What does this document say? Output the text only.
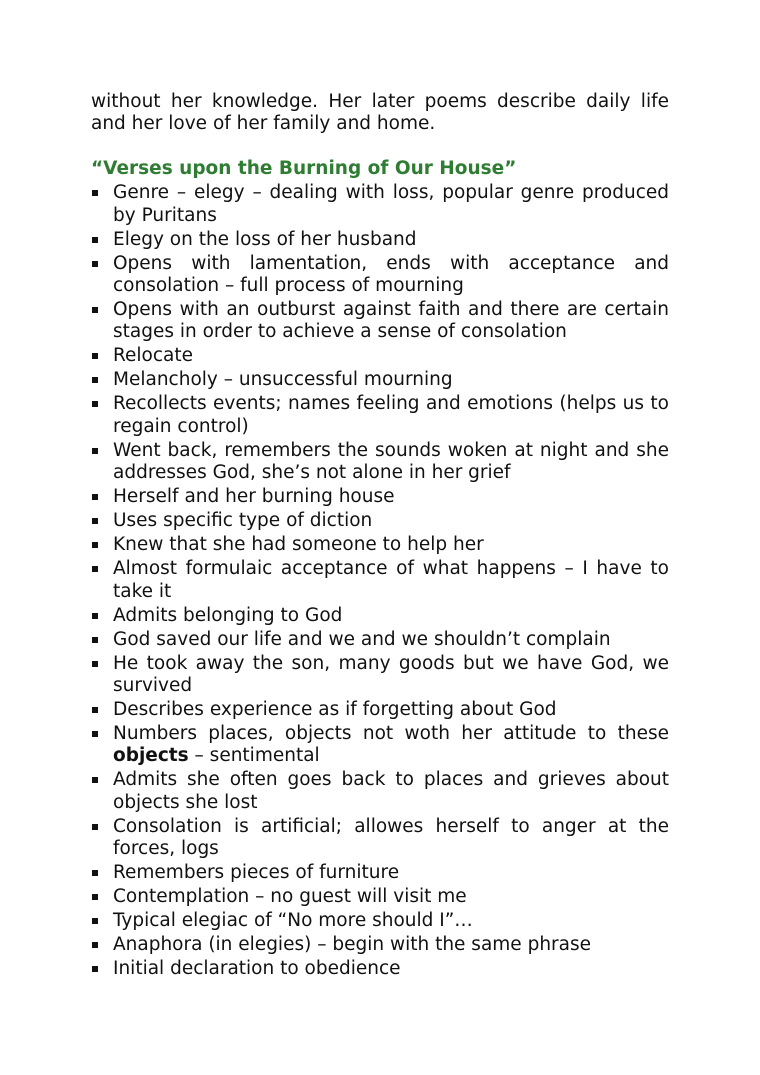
without her knowledge. Her later poems describe daily life and her love of her family and home.

“Verses upon the Burning of Our House”
Genre – elegy – dealing with loss, popular genre produced by Puritans
Elegy on the loss of her husband
Opens with lamentation, ends with acceptance and consolation – full process of mourning
Opens with an outburst against faith and there are certain stages in order to achieve a sense of consolation
Relocate
Melancholy – unsuccessful mourning
Recollects events; names feeling and emotions (helps us to regain control)
Went back, remembers the sounds woken at night and she addresses God, she’s not alone in her grief
Herself and her burning house
Uses specific type of diction
Knew that she had someone to help her
Almost formulaic acceptance of what happens – I have to take it
Admits belonging to God
God saved our life and we and we shouldn’t complain
He took away the son, many goods but we have God, we survived
Describes experience as if forgetting about God
Numbers places, objects not woth her attitude to these objects – sentimental
Admits she often goes back to places and grieves about objects she lost
Consolation is artificial; allowes herself to anger at the forces, logs
Remembers pieces of furniture
Contemplation – no guest will visit me
Typical elegiac of “No more should I”…
Anaphora (in elegies) – begin with the same phrase
Initial declaration to obedience
